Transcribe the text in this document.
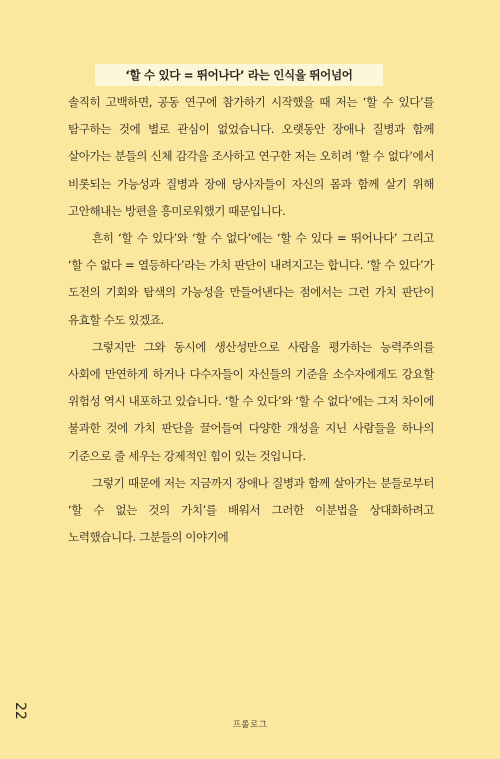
‘할 수 있다 = 뛰어나다’ 라는 인식을 뛰어넘어

솔직히 고백하면, 공동 연구에 참가하기 시작했을 때 저는 ‘할 수 있다’를 탐구하는 것에 별로 관심이 없었습니다. 오랫동안 장애나 질병과 함께 살아가는 분들의 신체 감각을 조사하고 연구한 저는 오히려 ‘할 수 없다’에서 비롯되는 가능성과 질병과 장애 당사자들이 자신의 몸과 함께 살기 위해 고안해내는 방편을 흥미로워했기 때문입니다.

흔히 ‘할 수 있다’와 ‘할 수 없다’에는 ‘할 수 있다 = 뛰어나다’ 그리고 ‘할 수 없다 = 열등하다’라는 가치 판단이 내려지고는 합니다. ‘할 수 있다’가 도전의 기회와 탐색의 가능성을 만들어낸다는 점에서는 그런 가치 판단이 유효할 수도 있겠죠.

그렇지만 그와 동시에 생산성만으로 사람을 평가하는 능력주의를 사회에 만연하게 하거나 다수자들이 자신들의 기준을 소수자에게도 강요할 위험성 역시 내포하고 있습니다. ‘할 수 있다’와 ‘할 수 없다’에는 그저 차이에 불과한 것에 가치 판단을 끌어들여 다양한 개성을 지닌 사람들을 하나의 기준으로 줄 세우는 강제적인 힘이 있는 것입니다.

그렇기 때문에 저는 지금까지 장애나 질병과 함께 살아가는 분들로부터 ‘할 수 없는 것의 가치’를 배워서 그러한 이분법을 상대화하려고 노력했습니다. 그분들의 이야기에

22
프롤로그
